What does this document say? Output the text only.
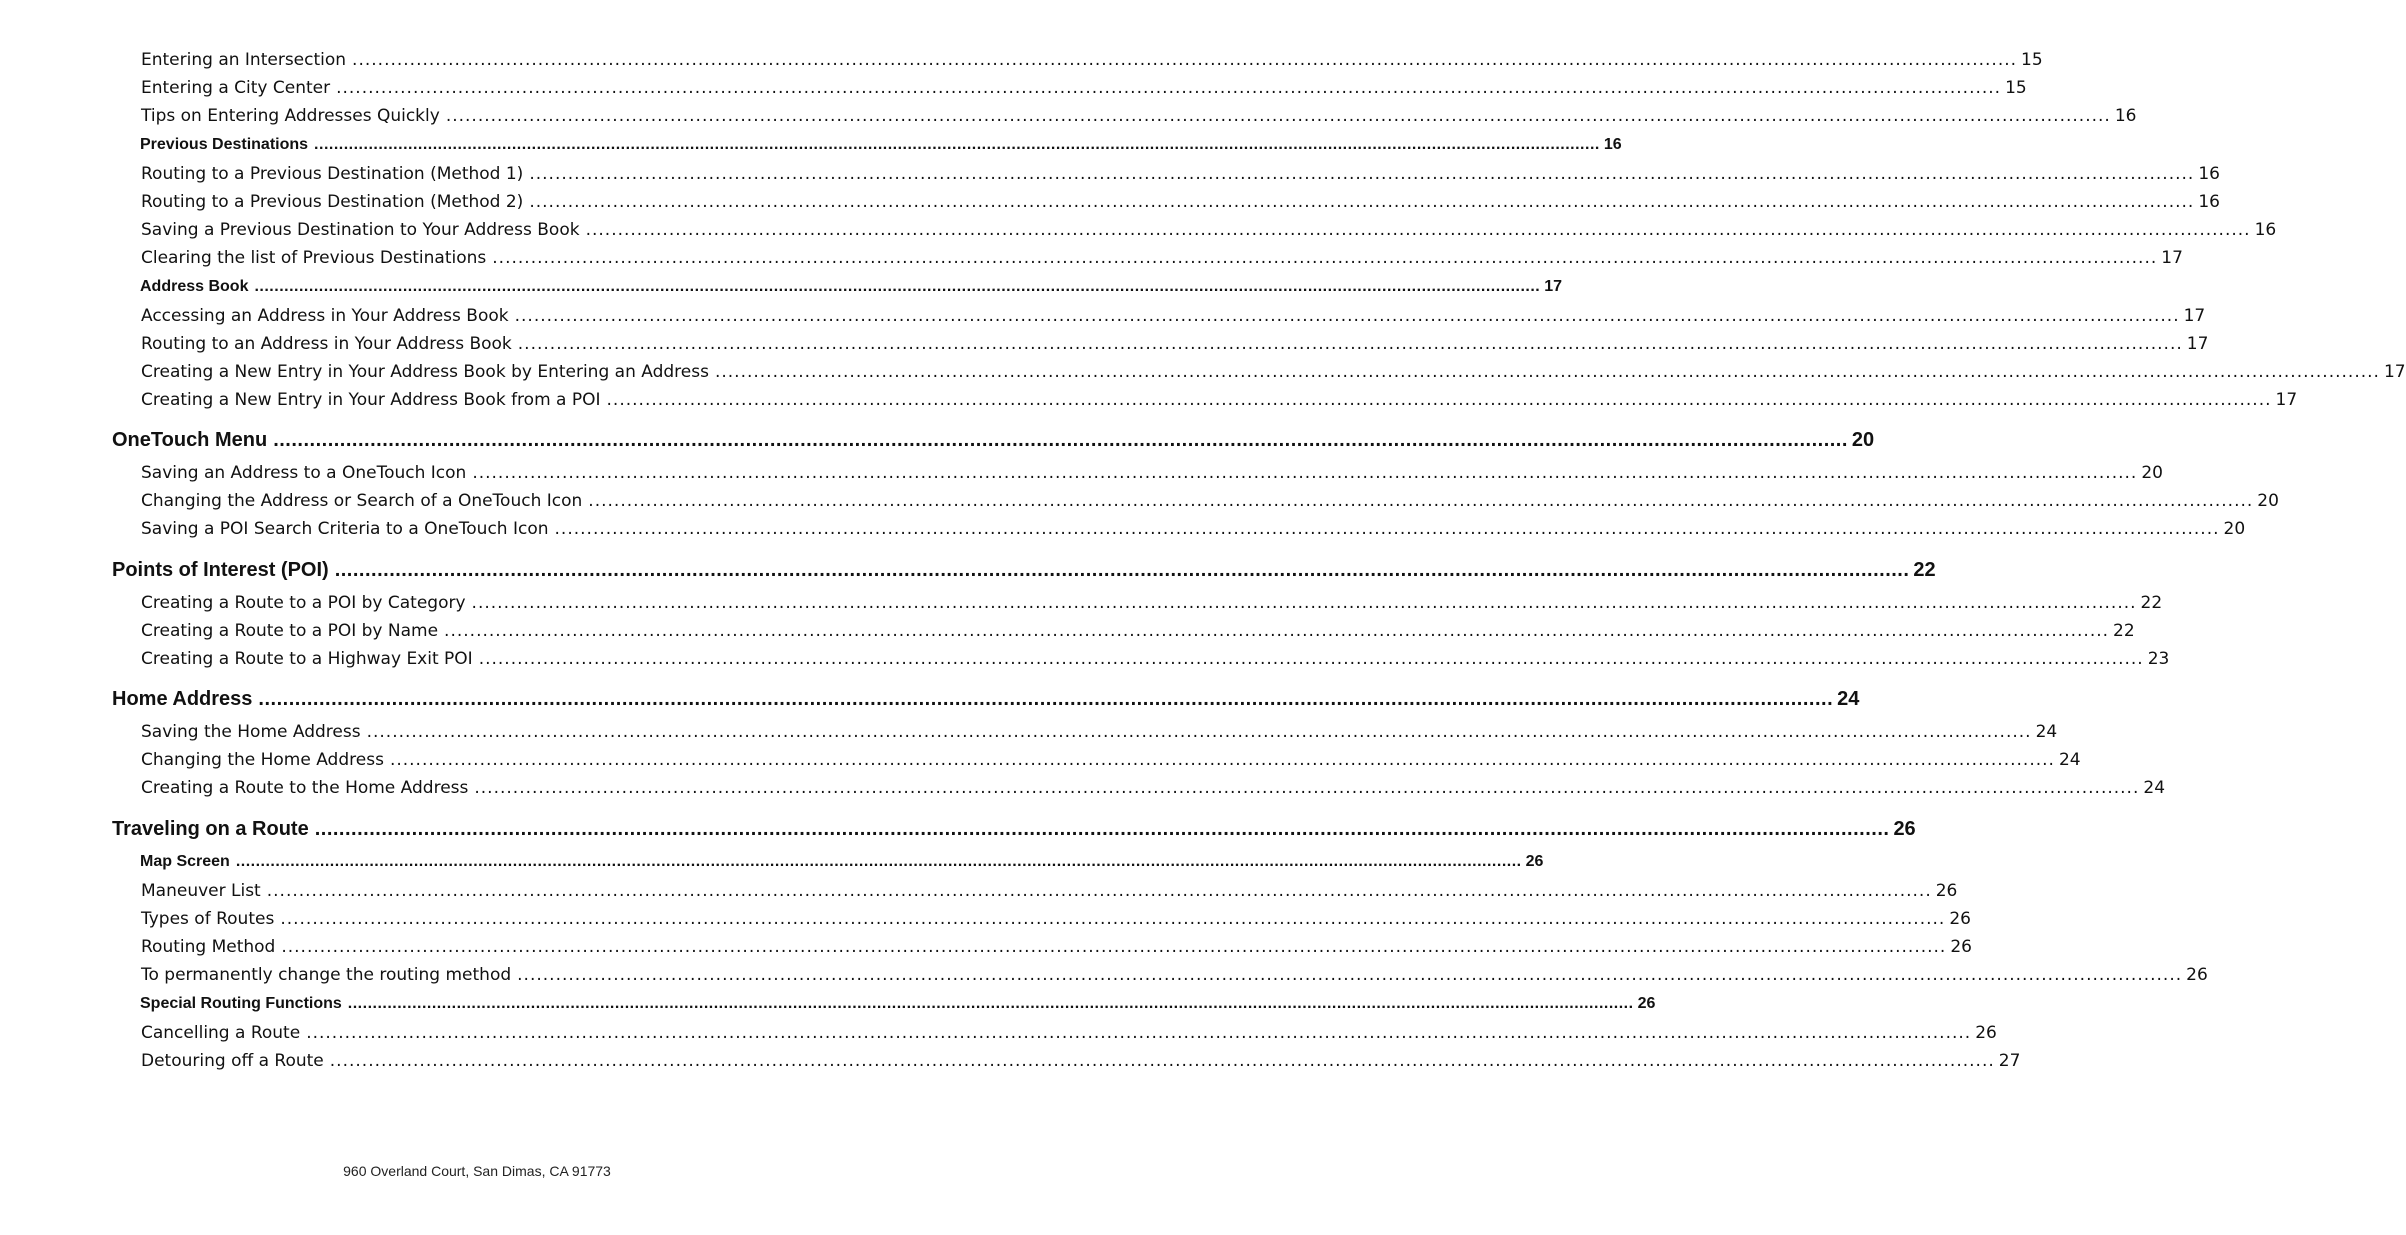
Entering an Intersection .................................................................................................................................................................................................................................................................... 15
Entering a City Center .................................................................................................................................................................................................................................................................... 15
Tips on Entering Addresses Quickly .................................................................................................................................................................................................................................................................... 16
Previous Destinations .................................................................................................................................................................................................................................................................... 16
Routing to a Previous Destination (Method 1) .................................................................................................................................................................................................................................................................... 16
Routing to a Previous Destination (Method 2) .................................................................................................................................................................................................................................................................... 16
Saving a Previous Destination to Your Address Book .................................................................................................................................................................................................................................................................... 16
Clearing the list of Previous Destinations .................................................................................................................................................................................................................................................................... 17
Address Book .................................................................................................................................................................................................................................................................... 17
Accessing an Address in Your Address Book .................................................................................................................................................................................................................................................................... 17
Routing to an Address in Your Address Book .................................................................................................................................................................................................................................................................... 17
Creating a New Entry in Your Address Book by Entering an Address .................................................................................................................................................................................................................................................................... 17
Creating a New Entry in Your Address Book from a POI .................................................................................................................................................................................................................................................................... 17
OneTouch Menu .................................................................................................................................................................................................................................................................... 20
Saving an Address to a OneTouch Icon .................................................................................................................................................................................................................................................................... 20
Changing the Address or Search of a OneTouch Icon .................................................................................................................................................................................................................................................................... 20
Saving a POI Search Criteria to a OneTouch Icon .................................................................................................................................................................................................................................................................... 20
Points of Interest (POI) .................................................................................................................................................................................................................................................................... 22
Creating a Route to a POI by Category .................................................................................................................................................................................................................................................................... 22
Creating a Route to a POI by Name .................................................................................................................................................................................................................................................................... 22
Creating a Route to a Highway Exit POI .................................................................................................................................................................................................................................................................... 23
Home Address .................................................................................................................................................................................................................................................................... 24
Saving the Home Address .................................................................................................................................................................................................................................................................... 24
Changing the Home Address .................................................................................................................................................................................................................................................................... 24
Creating a Route to the Home Address .................................................................................................................................................................................................................................................................... 24
Traveling on a Route .................................................................................................................................................................................................................................................................... 26
Map Screen .................................................................................................................................................................................................................................................................... 26
Maneuver List .................................................................................................................................................................................................................................................................... 26
Types of Routes .................................................................................................................................................................................................................................................................... 26
Routing Method .................................................................................................................................................................................................................................................................... 26
To permanently change the routing method .................................................................................................................................................................................................................................................................... 26
Special Routing Functions .................................................................................................................................................................................................................................................................... 26
Cancelling a Route .................................................................................................................................................................................................................................................................... 26
Detouring off a Route .................................................................................................................................................................................................................................................................... 27
960 Overland Court, San Dimas, CA 91773
